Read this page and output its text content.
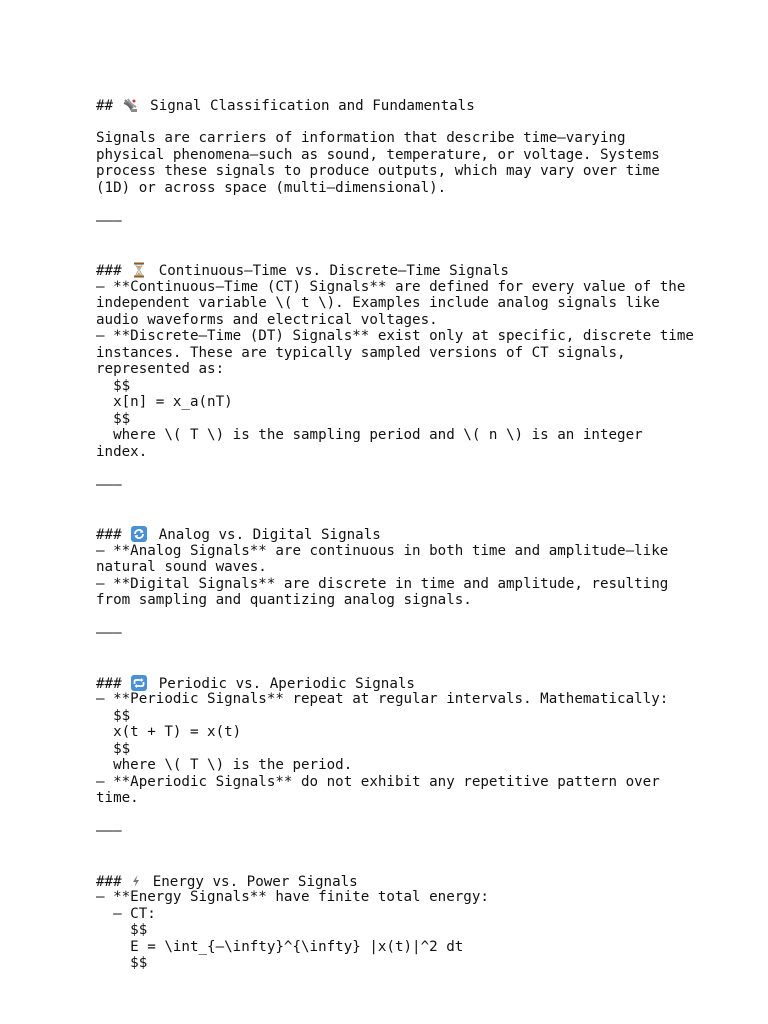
##
Signal Classification and Fundamentals
Signals are carriers of information that describe time–varying
physical phenomena—such as sound, temperature, or voltage. Systems
process these signals to produce outputs, which may vary over time
(1D) or across space (multi–dimensional).
–––
###
Continuous–Time vs. Discrete–Time Signals
– **Continuous–Time (CT) Signals** are defined for every value of the
independent variable \( t \). Examples include analog signals like
audio waveforms and electrical voltages.
– **Discrete–Time (DT) Signals** exist only at specific, discrete time
instances. These are typically sampled versions of CT signals,
represented as:
$$
x[n] = x_a(nT)
$$
where \( T \) is the sampling period and \( n \) is an integer
index.
–––
###
Analog vs. Digital Signals
– **Analog Signals** are continuous in both time and amplitude—like
natural sound waves.
– **Digital Signals** are discrete in time and amplitude, resulting
from sampling and quantizing analog signals.
–––
###
Periodic vs. Aperiodic Signals
– **Periodic Signals** repeat at regular intervals. Mathematically:
$$
x(t + T) = x(t)
$$
where \( T \) is the period.
– **Aperiodic Signals** do not exhibit any repetitive pattern over
time.
–––
###
Energy vs. Power Signals
– **Energy Signals** have finite total energy:
– CT:
$$
E = \int_{–\infty}^{\infty} |x(t)|^2 dt
$$
